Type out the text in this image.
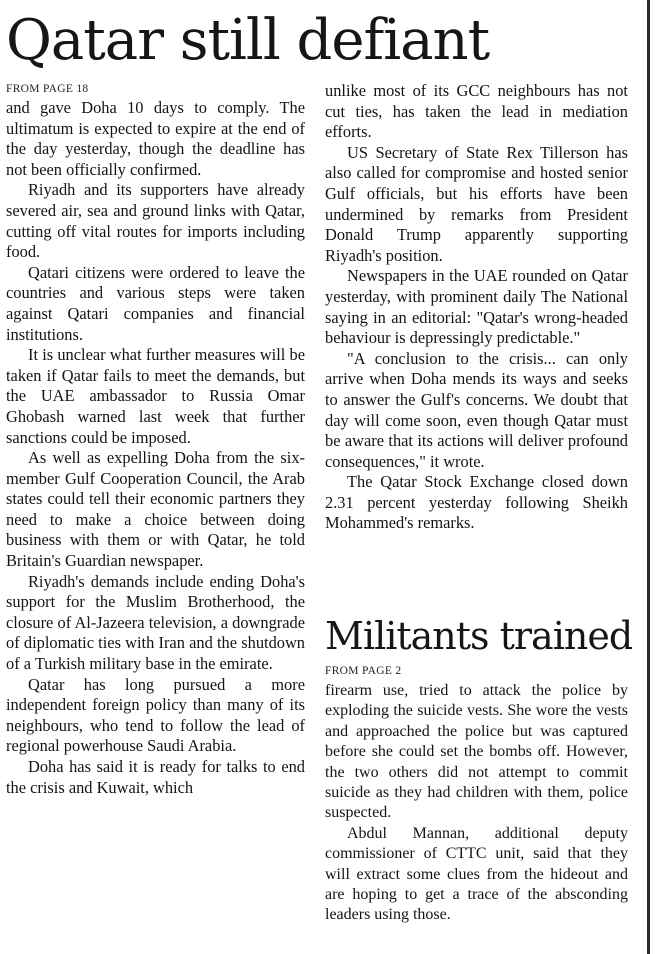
Qatar still defiant
FROM PAGE 18

and gave Doha 10 days to comply. The ultimatum is expected to expire at the end of the day yesterday, though the deadline has not been officially confirmed.

Riyadh and its supporters have already severed air, sea and ground links with Qatar, cutting off vital routes for imports including food.

Qatari citizens were ordered to leave the countries and various steps were taken against Qatari companies and financial institutions.

It is unclear what further measures will be taken if Qatar fails to meet the demands, but the UAE ambassador to Russia Omar Ghobash warned last week that further sanctions could be imposed.

As well as expelling Doha from the six-member Gulf Cooperation Council, the Arab states could tell their economic partners they need to make a choice between doing business with them or with Qatar, he told Britain's Guardian newspaper.

Riyadh's demands include ending Doha's support for the Muslim Brotherhood, the closure of Al-Jazeera television, a downgrade of diplomatic ties with Iran and the shutdown of a Turkish military base in the emirate.

Qatar has long pursued a more independent foreign policy than many of its neighbours, who tend to follow the lead of regional powerhouse Saudi Arabia.

Doha has said it is ready for talks to end the crisis and Kuwait, which

unlike most of its GCC neighbours has not cut ties, has taken the lead in mediation efforts.

US Secretary of State Rex Tillerson has also called for compromise and hosted senior Gulf officials, but his efforts have been undermined by remarks from President Donald Trump apparently supporting Riyadh's position.

Newspapers in the UAE rounded on Qatar yesterday, with prominent daily The National saying in an editorial: "Qatar's wrong-headed behaviour is depressingly predictable."

"A conclusion to the crisis... can only arrive when Doha mends its ways and seeks to answer the Gulf's concerns. We doubt that day will come soon, even though Qatar must be aware that its actions will deliver profound consequences," it wrote.

The Qatar Stock Exchange closed down 2.31 percent yesterday following Sheikh Mohammed's remarks.

Militants trained
FROM PAGE 2

firearm use, tried to attack the police by exploding the suicide vests. She wore the vests and approached the police but was captured before she could set the bombs off. However, the two others did not attempt to commit suicide as they had children with them, police suspected.

Abdul Mannan, additional deputy commissioner of CTTC unit, said that they will extract some clues from the hideout and are hoping to get a trace of the absconding leaders using those.
